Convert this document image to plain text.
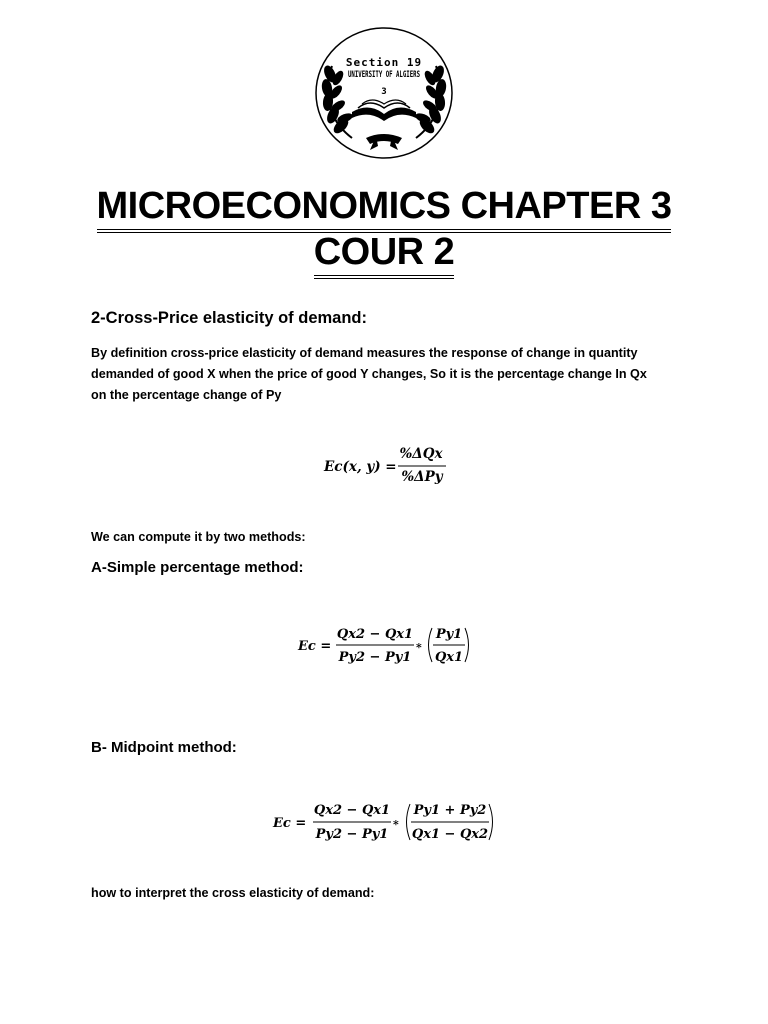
Section 19
UNIVERSITY OF ALGIERS
3
MICROECONOMICS CHAPTER 3
COUR 2
2-Cross-Price elasticity of demand:
By definition cross-price elasticity of demand measures the response of change in quantity
demanded of good X when the price of good Y changes, So it is the percentage change In Qx
on the percentage change of Py
Ec(x, y) =
%ΔQx
%ΔPy
We can compute it by two methods:
A-Simple percentage method:
Ec =
Qx2 − Qx1
Py2 − Py1
*
Py1
Qx1
B- Midpoint method:
Ec =
Qx2 − Qx1
Py2 − Py1
*
Py1 + Py2
Qx1 − Qx2
how to interpret the cross elasticity of demand:
